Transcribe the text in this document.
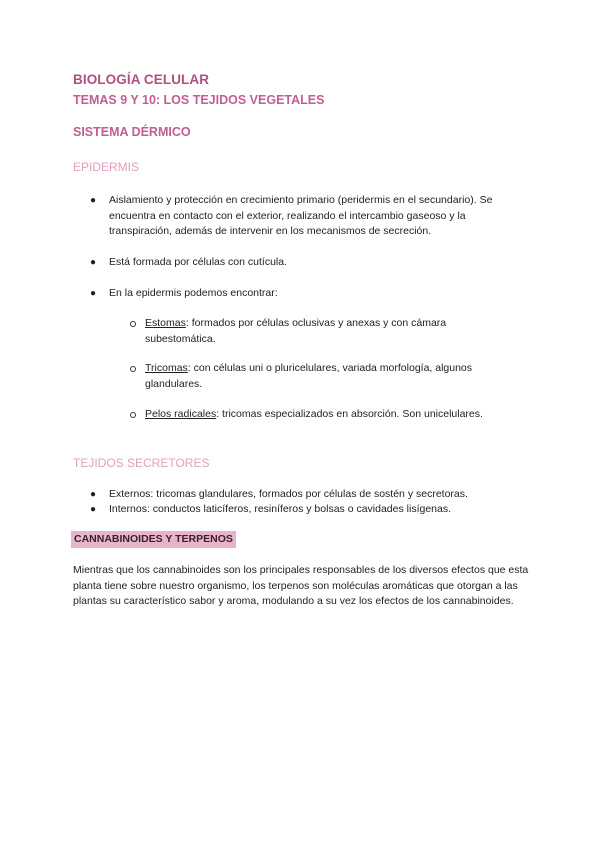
BIOLOGÍA CELULAR
TEMAS 9 Y 10: LOS TEJIDOS VEGETALES
SISTEMA DÉRMICO
EPIDERMIS
● Aislamiento y protección en crecimiento primario (peridermis en el secundario). Se encuentra en contacto con el exterior, realizando el intercambio gaseoso y la transpiración, además de intervenir en los mecanismos de secreción.
● Está formada por células con cutícula.
● En la epidermis podemos encontrar:
Estomas: formados por células oclusivas y anexas y con cámara subestomática.
Tricomas: con células uni o pluricelulares, variada morfología, algunos glandulares.
Pelos radicales: tricomas especializados en absorción. Son unicelulares.
TEJIDOS SECRETORES
● Externos: tricomas glandulares, formados por células de sostén y secretoras.
● Internos: conductos laticíferos, resiníferos y bolsas o cavidades lisígenas.
CANNABINOIDES Y TERPENOS
Mientras que los cannabinoides son los principales responsables de los diversos efectos que esta planta tiene sobre nuestro organismo, los terpenos son moléculas aromáticas que otorgan a las plantas su característico sabor y aroma, modulando a su vez los efectos de los cannabinoides.
